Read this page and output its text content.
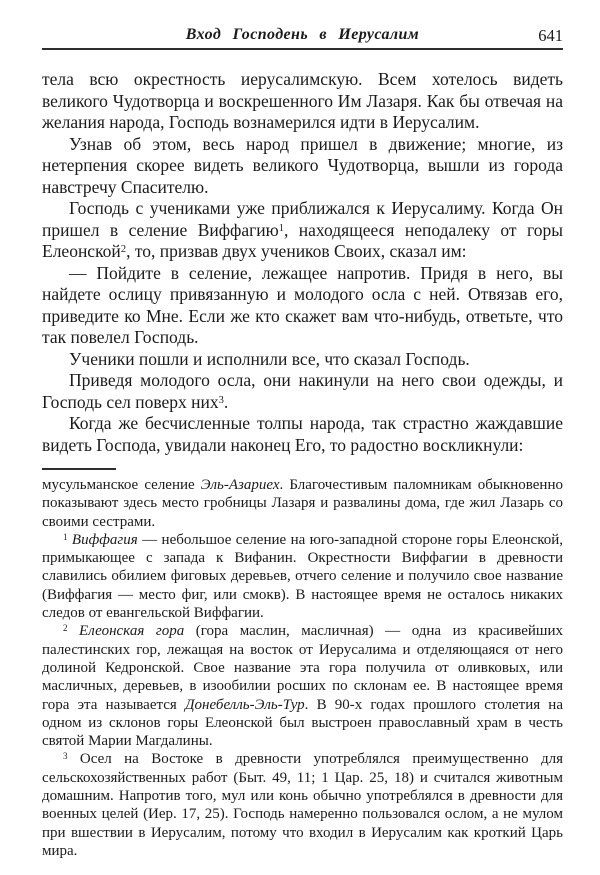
Вход Господень в Иерусалим	641

тела всю окрестность иерусалимскую. Всем хотелось видеть великого Чудотворца и воскрешенного Им Лазаря. Как бы отвечая на желания народа, Господь вознамерился идти в Иерусалим.

Узнав об этом, весь народ пришел в движение; многие, из нетерпения скорее видеть великого Чудотворца, вышли из города навстречу Спасителю.

Господь с учениками уже приближался к Иерусалиму. Когда Он пришел в селение Виффагию$^1$, находящееся неподалеку от горы Елеонской$^2$, то, призвав двух учеников Своих, сказал им:

— Пойдите в селение, лежащее напротив. Придя в него, вы найдете ослицу привязанную и молодого осла с ней. Отвязав его, приведите ко Мне. Если же кто скажет вам что-нибудь, ответьте, что так повелел Господь.

Ученики пошли и исполнили все, что сказал Господь.

Приведя молодого осла, они накинули на него свои одежды, и Господь сел поверх них$^3$.

Когда же бесчисленные толпы народа, так страстно жаждавшие видеть Господа, увидали наконец Его, то радостно воскликнули:

мусульманское селение Эль-Азариех. Благочестивым паломникам обыкновенно показывают здесь место гробницы Лазаря и развалины дома, где жил Лазарь со своими сестрами.

$^1$ Виффагия — небольшое селение на юго-западной стороне горы Елеонской, примыкающее с запада к Вифанин. Окрестности Виффагии в древности славились обилием фиговых деревьев, отчего селение и получило свое название (Виффагия — место фиг, или смокв). В настоящее время не осталось никаких следов от евангельской Виффагии.

$^2$ Елеонская гора (гора маслин, масличная) — одна из красивейших палестинских гор, лежащая на восток от Иерусалима и отделяющаяся от него долиной Кедронской. Свое название эта гора получила от оливковых, или масличных, деревьев, в изообилии росших по склонам ее. В настоящее время гора эта называется Донебелль-Эль-Тур. В 90-х годах прошлого столетия на одном из склонов горы Елеонской был выстроен православный храм в честь святой Марии Магдалины.

$^3$ Осел на Востоке в древности употреблялся преимущественно для сельскохозяйственных работ (Быт. 49, 11; 1 Цар. 25, 18) и считался животным домашним. Напротив того, мул или конь обычно употреблялся в древности для военных целей (Иер. 17, 25). Господь намеренно пользовался ослом, а не мулом при вшествии в Иерусалим, потому что входил в Иерусалим как кроткий Царь мира.
